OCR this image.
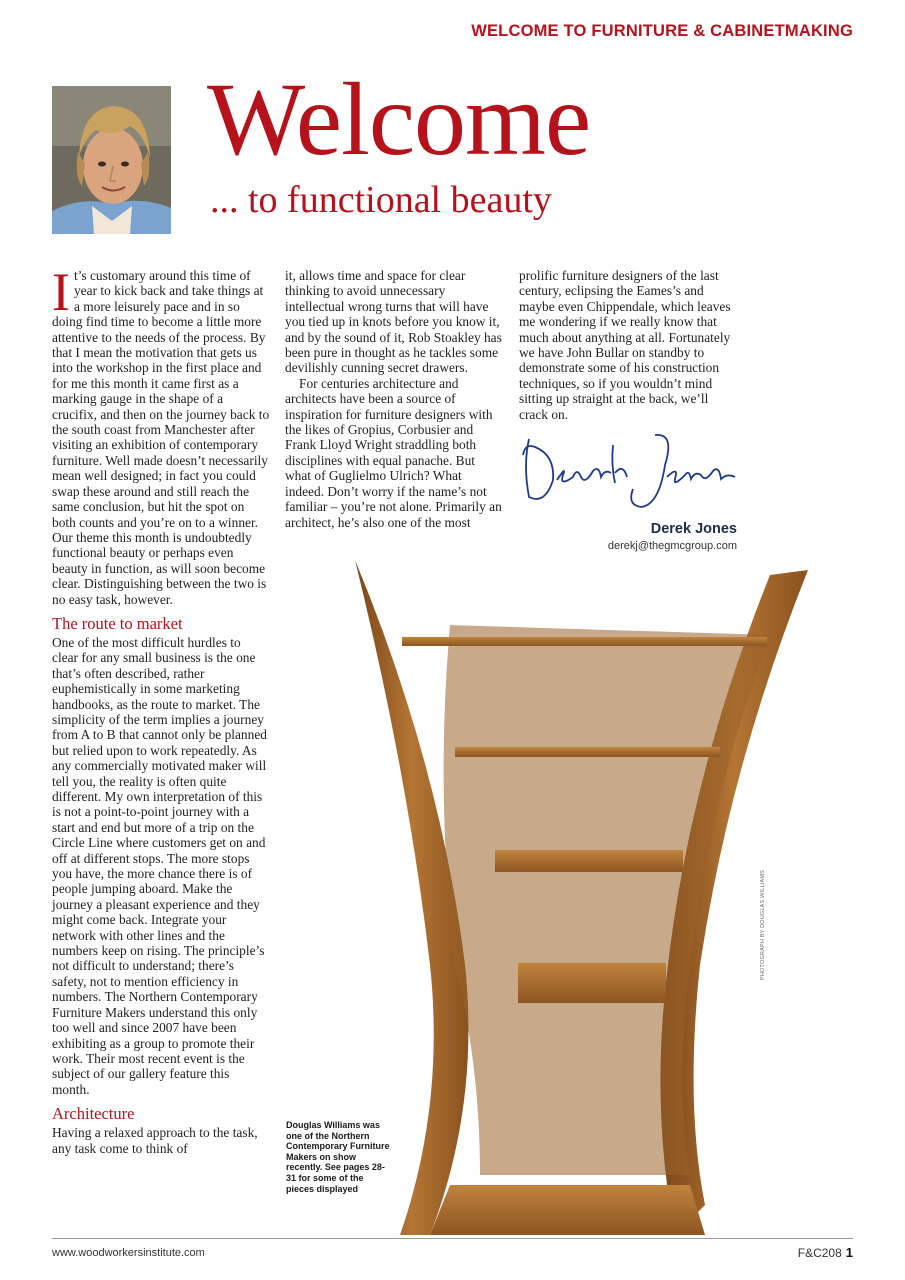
WELCOME TO FURNITURE & CABINETMAKING
Welcome
... to functional beauty

It’s customary around this time of year to kick back and take things at a more leisurely pace and in so doing find time to become a little more attentive to the needs of the process. By that I mean the motivation that gets us into the workshop in the first place and for me this month it came first as a marking gauge in the shape of a crucifix, and then on the journey back to the south coast from Manchester after visiting an exhibition of contemporary furniture. Well made doesn’t necessarily mean well designed; in fact you could swap these around and still reach the same conclusion, but hit the spot on both counts and you’re on to a winner. Our theme this month is undoubtedly functional beauty or perhaps even beauty in function, as will soon become clear. Distinguishing between the two is no easy task, however.

The route to market

One of the most difficult hurdles to clear for any small business is the one that’s often described, rather euphemistically in some marketing handbooks, as the route to market. The simplicity of the term implies a journey from A to B that cannot only be planned but relied upon to work repeatedly. As any commercially motivated maker will tell you, the reality is often quite different. My own interpretation of this is not a point-to-point journey with a start and end but more of a trip on the Circle Line where customers get on and off at different stops. The more stops you have, the more chance there is of people jumping aboard. Make the journey a pleasant experience and they might come back. Integrate your network with other lines and the numbers keep on rising. The principle’s not difficult to understand; there’s safety, not to mention efficiency in numbers. The Northern Contemporary Furniture Makers understand this only too well and since 2007 have been exhibiting as a group to promote their work. Their most recent event is the subject of our gallery feature this month.

Architecture

Having a relaxed approach to the task, any task come to think of

it, allows time and space for clear thinking to avoid unnecessary intellectual wrong turns that will have you tied up in knots before you know it, and by the sound of it, Rob Stoakley has been pure in thought as he tackles some devilishly cunning secret drawers.

For centuries architecture and architects have been a source of inspiration for furniture designers with the likes of Gropius, Corbusier and Frank Lloyd Wright straddling both disciplines with equal panache. But what of Guglielmo Ulrich? What indeed. Don’t worry if the name’s not familiar – you’re not alone. Primarily an architect, he’s also one of the most

prolific furniture designers of the last century, eclipsing the Eames’s and maybe even Chippendale, which leaves me wondering if we really know that much about anything at all. Fortunately we have John Bullar on standby to demonstrate some of his construction techniques, so if you wouldn’t mind sitting up straight at the back, we’ll crack on.

Derek Jones
derekj@thegmcgroup.com
PHOTOGRAPH BY DOUGLAS WILLIAMS
Douglas Williams was one of the Northern Contemporary Furniture Makers on show recently. See pages 28-31 for some of the pieces displayed
www.woodworkersinstitute.com	F&C208 1
